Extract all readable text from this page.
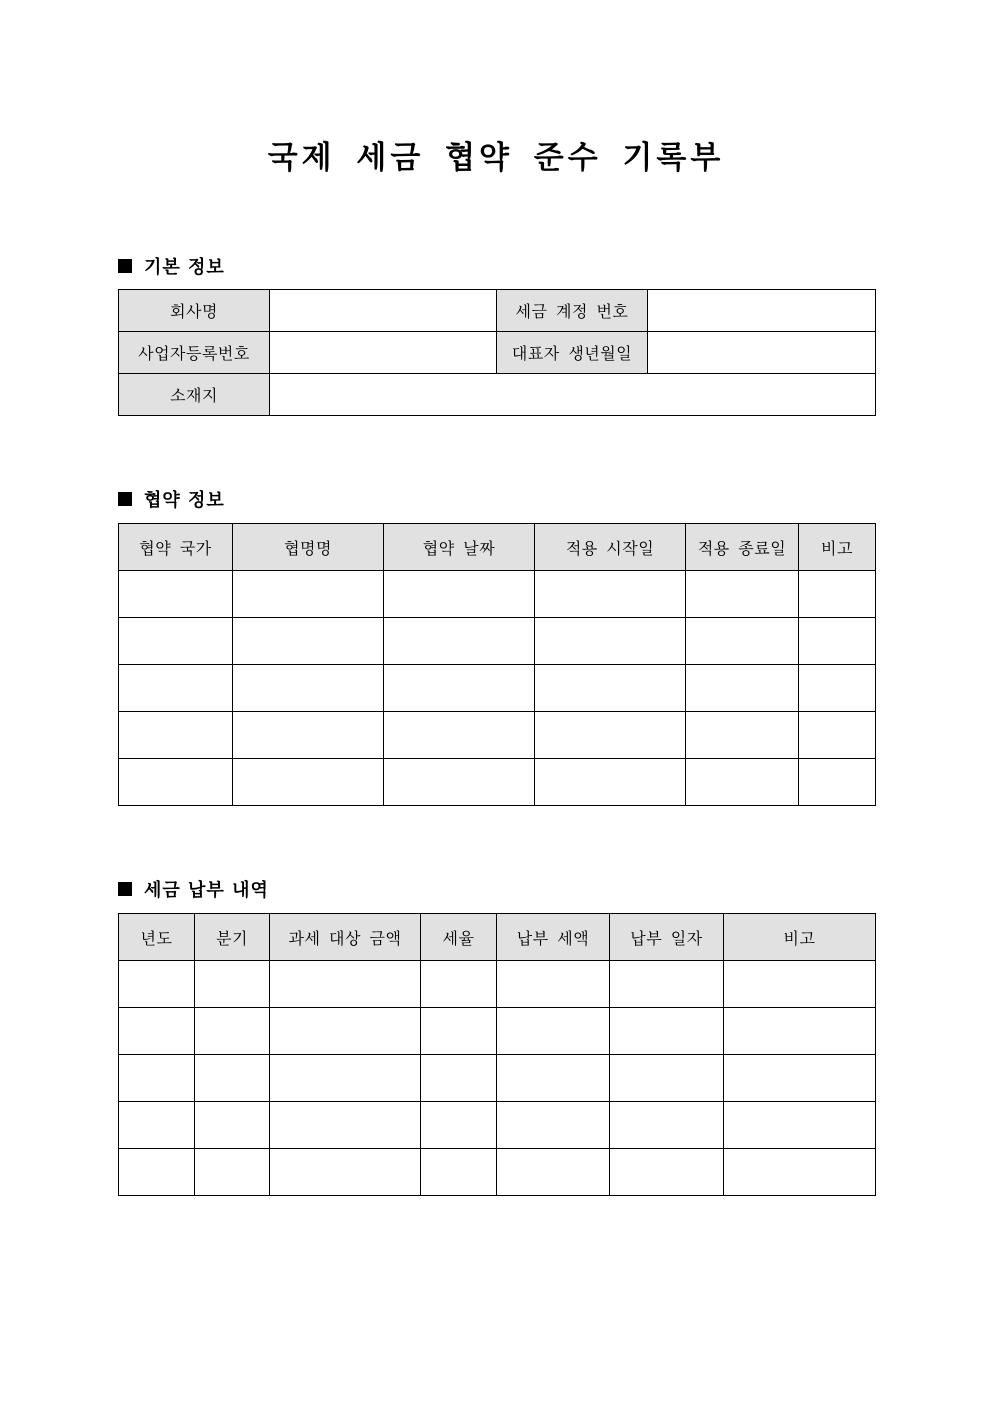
국제 세금 협약 준수 기록부
기본 정보
회사명		세금 계정 번호	
사업자등록번호		대표자 생년월일	
소재지			
협약 정보
협약 국가	협명명	협약 날짜	적용 시작일	적용 종료일	비고

세금 납부 내역
년도	분기	과세 대상 금액	세율	납부 세액	납부 일자	비고
